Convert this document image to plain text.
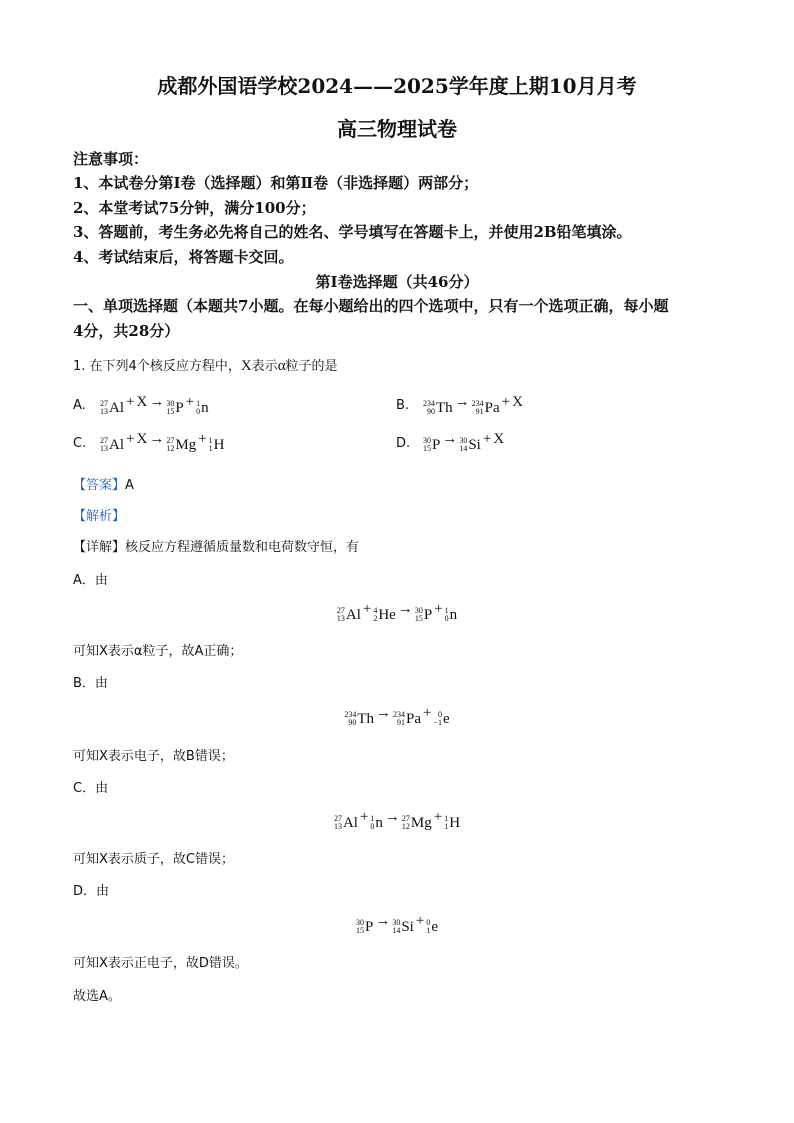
成都外国语学校2024——2025学年度上期10月月考
高三物理试卷
注意事项：
1、本试卷分第Ⅰ卷（选择题）和第Ⅱ卷（非选择题）两部分；
2、本堂考试75分钟，满分100分；
3、答题前，考生务必先将自己的姓名、学号填写在答题卡上，并使用2B铅笔填涂。
4、考试结束后，将答题卡交回。
第Ⅰ卷选择题（共46分）
一、单项选择题（本题共7小题。在每小题给出的四个选项中，只有一个选项正确，每小题
4分，共28分）
1. 在下列4个核反应方程中，X表示α粒子的是
A. 27
13 Al + X → 30
15 P + 1
0 n	B. 234
90 Th → 234
91 Pa + X
C. 27
13 Al + X → 27
12 Mg + 1
1 H	D. 30
15 P → 30
14 Si + X
【答案】A
【解析】
【详解】核反应方程遵循质量数和电荷数守恒，有
A．由
27
13 Al + 4
2 He → 30
15 P + 1
0 n
可知X表示α粒子，故A正确；
B．由
234
90 Th → 234
91 Pa + 0
−1 e
可知X表示电子，故B错误；
C．由
27
13 Al + 1
0 n → 27
12 Mg + 1
1 H
可知X表示质子，故C错误；
D．由
30
15 P → 30
14 Si + 0
1 e
可知X表示正电子，故D错误。
故选A。
